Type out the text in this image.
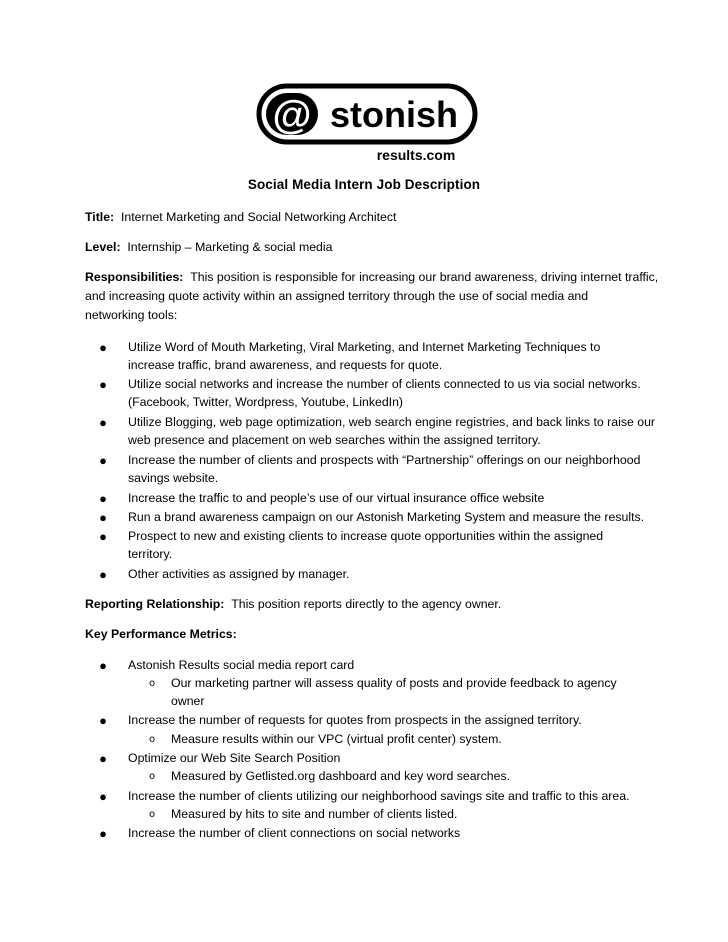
@ stonish
results.com
Social Media Intern Job Description
Title: Internet Marketing and Social Networking Architect
Level: Internship – Marketing & social media
Responsibilities: This position is responsible for increasing our brand awareness, driving internet traffic,
and increasing quote activity within an assigned territory through the use of social media and
networking tools:
● Utilize Word of Mouth Marketing, Viral Marketing, and Internet Marketing Techniques to
increase traffic, brand awareness, and requests for quote.
● Utilize social networks and increase the number of clients connected to us via social networks.
(Facebook, Twitter, Wordpress, Youtube, LinkedIn)
● Utilize Blogging, web page optimization, web search engine registries, and back links to raise our
web presence and placement on web searches within the assigned territory.
● Increase the number of clients and prospects with “Partnership” offerings on our neighborhood
savings website.
● Increase the traffic to and people’s use of our virtual insurance office website
● Run a brand awareness campaign on our Astonish Marketing System and measure the results.
● Prospect to new and existing clients to increase quote opportunities within the assigned
territory.
● Other activities as assigned by manager.
Reporting Relationship: This position reports directly to the agency owner.
Key Performance Metrics:
● Astonish Results social media report card
o Our marketing partner will assess quality of posts and provide feedback to agency
owner
● Increase the number of requests for quotes from prospects in the assigned territory.
o Measure results within our VPC (virtual profit center) system.
● Optimize our Web Site Search Position
o Measured by Getlisted.org dashboard and key word searches.
● Increase the number of clients utilizing our neighborhood savings site and traffic to this area.
o Measured by hits to site and number of clients listed.
● Increase the number of client connections on social networks
